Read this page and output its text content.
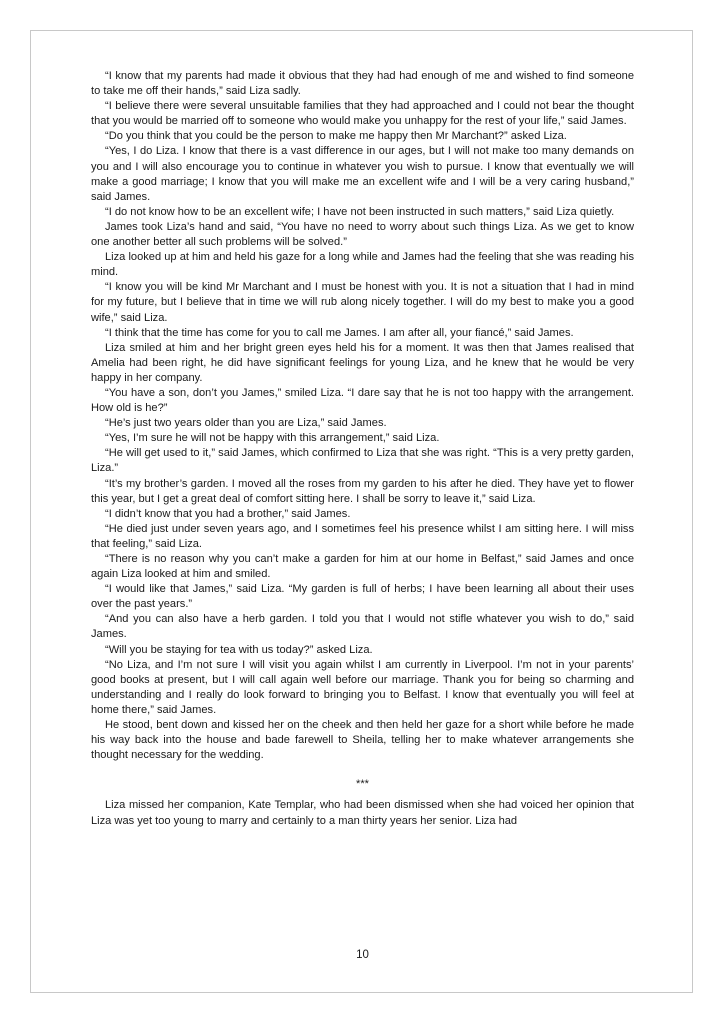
“I know that my parents had made it obvious that they had had enough of me and wished to find someone to take me off their hands,” said Liza sadly.

“I believe there were several unsuitable families that they had approached and I could not bear the thought that you would be married off to someone who would make you unhappy for the rest of your life,” said James.

“Do you think that you could be the person to make me happy then Mr Marchant?” asked Liza.

“Yes, I do Liza. I know that there is a vast difference in our ages, but I will not make too many demands on you and I will also encourage you to continue in whatever you wish to pursue. I know that eventually we will make a good marriage; I know that you will make me an excellent wife and I will be a very caring husband,” said James.

“I do not know how to be an excellent wife; I have not been instructed in such matters,” said Liza quietly.

James took Liza’s hand and said, “You have no need to worry about such things Liza. As we get to know one another better all such problems will be solved.”

Liza looked up at him and held his gaze for a long while and James had the feeling that she was reading his mind.

“I know you will be kind Mr Marchant and I must be honest with you. It is not a situation that I had in mind for my future, but I believe that in time we will rub along nicely together. I will do my best to make you a good wife,” said Liza.

“I think that the time has come for you to call me James. I am after all, your fiancé,” said James.

Liza smiled at him and her bright green eyes held his for a moment. It was then that James realised that Amelia had been right, he did have significant feelings for young Liza, and he knew that he would be very happy in her company.

“You have a son, don’t you James,” smiled Liza. “I dare say that he is not too happy with the arrangement. How old is he?”

“He’s just two years older than you are Liza,” said James.

“Yes, I’m sure he will not be happy with this arrangement,” said Liza.

“He will get used to it,” said James, which confirmed to Liza that she was right. “This is a very pretty garden, Liza.”

“It’s my brother’s garden. I moved all the roses from my garden to his after he died. They have yet to flower this year, but I get a great deal of comfort sitting here. I shall be sorry to leave it,” said Liza.

“I didn’t know that you had a brother,” said James.

“He died just under seven years ago, and I sometimes feel his presence whilst I am sitting here. I will miss that feeling,” said Liza.

“There is no reason why you can’t make a garden for him at our home in Belfast,” said James and once again Liza looked at him and smiled.

“I would like that James,” said Liza. “My garden is full of herbs; I have been learning all about their uses over the past years.”

“And you can also have a herb garden. I told you that I would not stifle whatever you wish to do,” said James.

“Will you be staying for tea with us today?” asked Liza.

“No Liza, and I’m not sure I will visit you again whilst I am currently in Liverpool. I’m not in your parents’ good books at present, but I will call again well before our marriage. Thank you for being so charming and understanding and I really do look forward to bringing you to Belfast. I know that eventually you will feel at home there,” said James.

He stood, bent down and kissed her on the cheek and then held her gaze for a short while before he made his way back into the house and bade farewell to Sheila, telling her to make whatever arrangements she thought necessary for the wedding.

***

Liza missed her companion, Kate Templar, who had been dismissed when she had voiced her opinion that Liza was yet too young to marry and certainly to a man thirty years her senior. Liza had

10
